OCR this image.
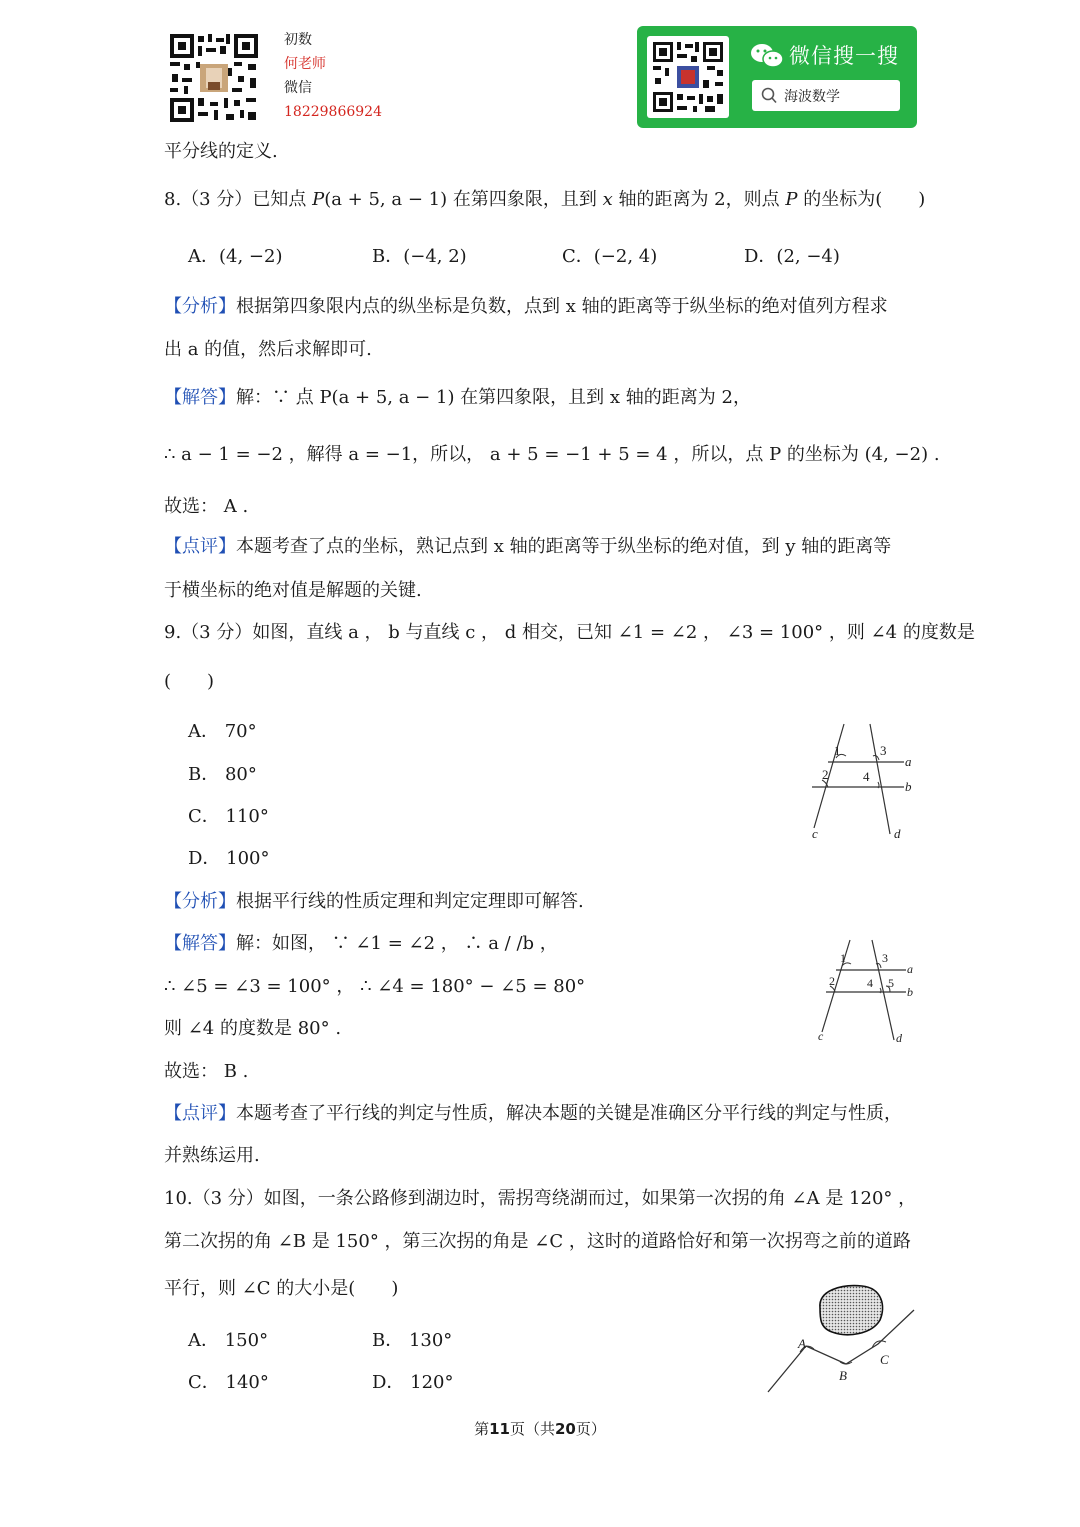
初数
何老师
微信
18229866924
微信搜一搜
海波数学
平分线的定义.
8.（3 分）已知点 P(a + 5, a − 1) 在第四象限，且到 x 轴的距离为 2，则点 P 的坐标为(　　)
A．(4, −2)	B．(−4, 2)	C．(−2, 4)	D．(2, −4)
【分析】根据第四象限内点的纵坐标是负数，点到 x 轴的距离等于纵坐标的绝对值列方程求
出 a 的值，然后求解即可.
【解答】解：∵ 点 P(a + 5, a − 1) 在第四象限，且到 x 轴的距离为 2，
∴ a − 1 = −2 ，解得 a = −1，所以， a + 5 = −1 + 5 = 4 ，所以，点 P 的坐标为 (4, −2) .
故选： A .
【点评】本题考查了点的坐标，熟记点到 x 轴的距离等于纵坐标的绝对值，到 y 轴的距离等
于横坐标的绝对值是解题的关键.
9.（3 分）如图，直线 a ， b 与直线 c ， d 相交，已知 ∠1 = ∠2 ， ∠3 = 100° ，则 ∠4 的度数是
(　　)
A． 70°
B． 80°
C． 110°
D． 100°
1	3
2	4
a
b
c	d
【分析】根据平行线的性质定理和判定定理即可解答.
【解答】解：如图， ∵ ∠1 = ∠2 ， ∴ a / /b ，
∴ ∠5 = ∠3 = 100° ， ∴ ∠4 = 180° − ∠5 = 80°
则 ∠4 的度数是 80° .
故选： B .
1	3
2	4 5
a
b
c	d
【点评】本题考查了平行线的判定与性质，解决本题的关键是准确区分平行线的判定与性质，
并熟练运用.
10.（3 分）如图，一条公路修到湖边时，需拐弯绕湖而过，如果第一次拐的角 ∠A 是 120° ，
第二次拐的角 ∠B 是 150° ，第三次拐的角是 ∠C ，这时的道路恰好和第一次拐弯之前的道路
平行，则 ∠C 的大小是(　　)
A． 150°	B． 130°
C． 140°	D． 120°
A
B
C
第11页（共20页）
